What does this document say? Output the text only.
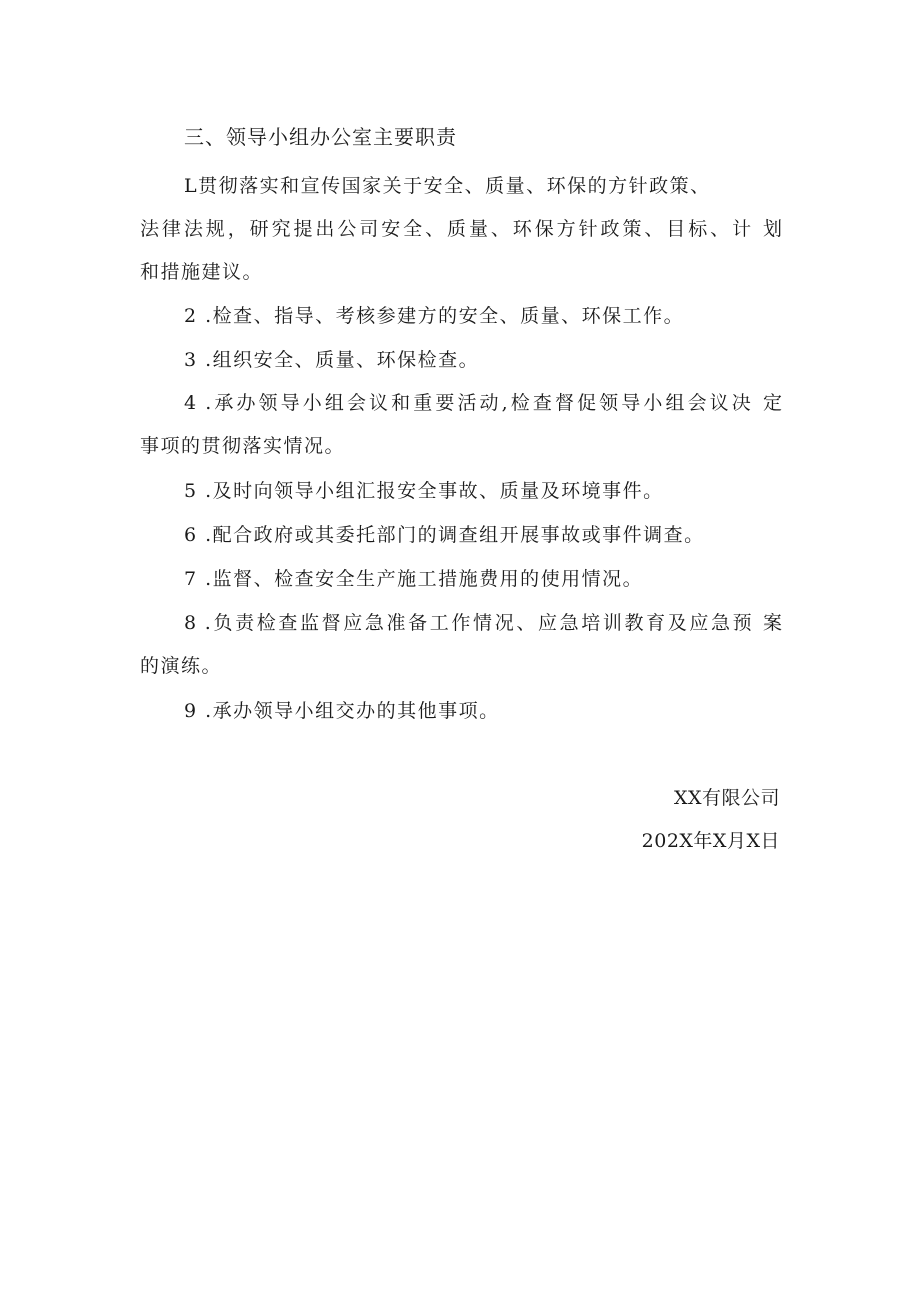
三、领导小组办公室主要职责
L贯彻落实和宣传国家关于安全、质量、环保的方针政策、
法律法规，研究提出公司安全、质量、环保方针政策、目标、计 划
和措施建议。
2 .检查、指导、考核参建方的安全、质量、环保工作。
3 .组织安全、质量、环保检查。
4 .承办领导小组会议和重要活动,检查督促领导小组会议决 定
事项的贯彻落实情况。
5 .及时向领导小组汇报安全事故、质量及环境事件。
6 .配合政府或其委托部门的调查组开展事故或事件调查。
7 .监督、检查安全生产施工措施费用的使用情况。
8 .负责检查监督应急准备工作情况、应急培训教育及应急预 案
的演练。
9 .承办领导小组交办的其他事项。
XX有限公司
202X年X月X日
